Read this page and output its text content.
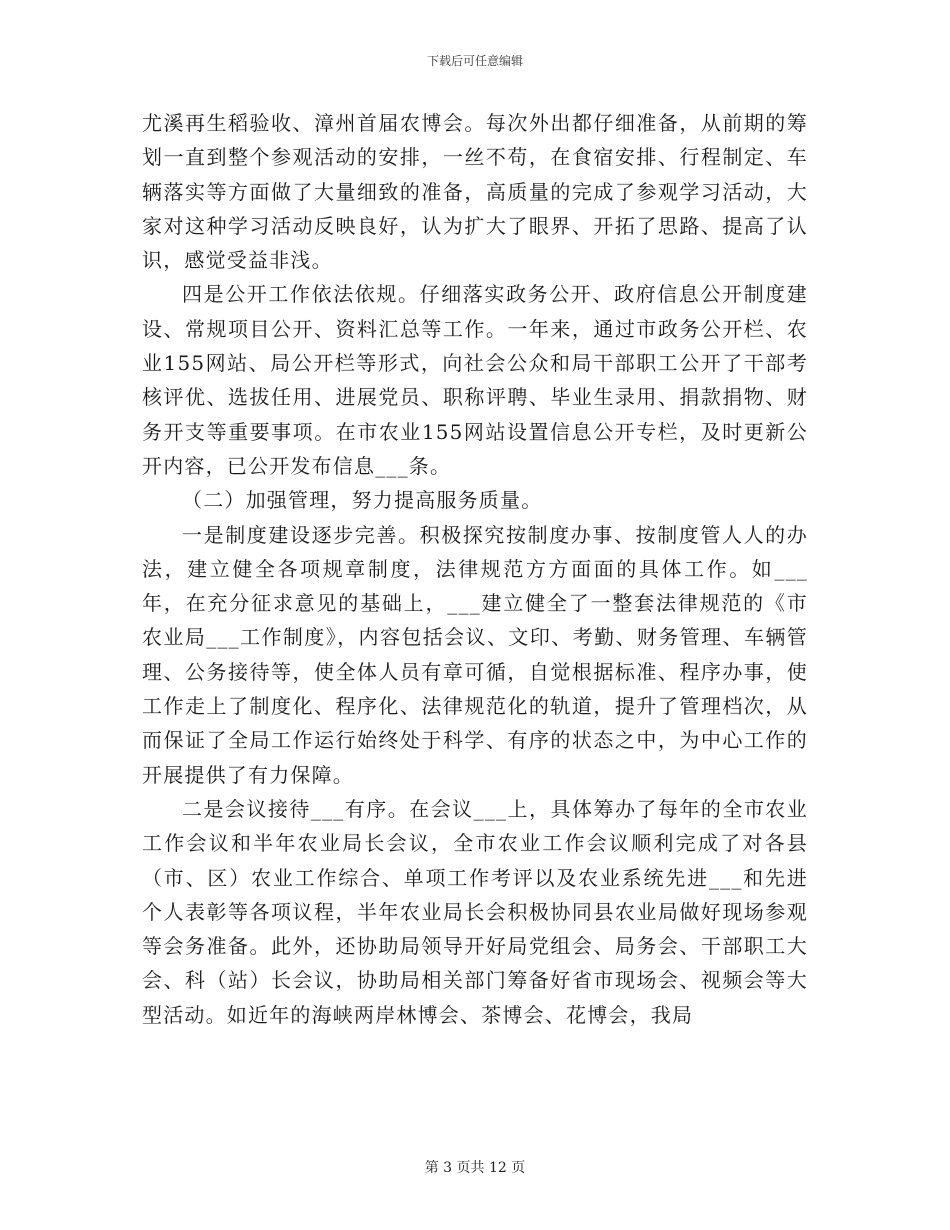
下载后可任意编辑

尤溪再生稻验收、漳州首届农博会。每次外出都仔细准备，从前期的筹划一直到整个参观活动的安排，一丝不苟，在食宿安排、行程制定、车辆落实等方面做了大量细致的准备，高质量的完成了参观学习活动，大家对这种学习活动反映良好，认为扩大了眼界、开拓了思路、提高了认识，感觉受益非浅。

四是公开工作依法依规。仔细落实政务公开、政府信息公开制度建设、常规项目公开、资料汇总等工作。一年来，通过市政务公开栏、农业155网站、局公开栏等形式，向社会公众和局干部职工公开了干部考核评优、选拔任用、进展党员、职称评聘、毕业生录用、捐款捐物、财务开支等重要事项。在市农业155网站设置信息公开专栏，及时更新公开内容，已公开发布信息___条。

（二）加强管理，努力提高服务质量。

一是制度建设逐步完善。积极探究按制度办事、按制度管人人的办法，建立健全各项规章制度，法律规范方方面面的具体工作。如___年，在充分征求意见的基础上，___建立健全了一整套法律规范的《市农业局___工作制度》，内容包括会议、文印、考勤、财务管理、车辆管理、公务接待等，使全体人员有章可循，自觉根据标准、程序办事，使工作走上了制度化、程序化、法律规范化的轨道，提升了管理档次，从而保证了全局工作运行始终处于科学、有序的状态之中，为中心工作的开展提供了有力保障。

二是会议接待___有序。在会议___上，具体筹办了每年的全市农业工作会议和半年农业局长会议，全市农业工作会议顺利完成了对各县（市、区）农业工作综合、单项工作考评以及农业系统先进___和先进个人表彰等各项议程，半年农业局长会积极协同县农业局做好现场参观等会务准备。此外，还协助局领导开好局党组会、局务会、干部职工大会、科（站）长会议，协助局相关部门筹备好省市现场会、视频会等大型活动。如近年的海峡两岸林博会、茶博会、花博会，我局

第 3 页共 12 页
